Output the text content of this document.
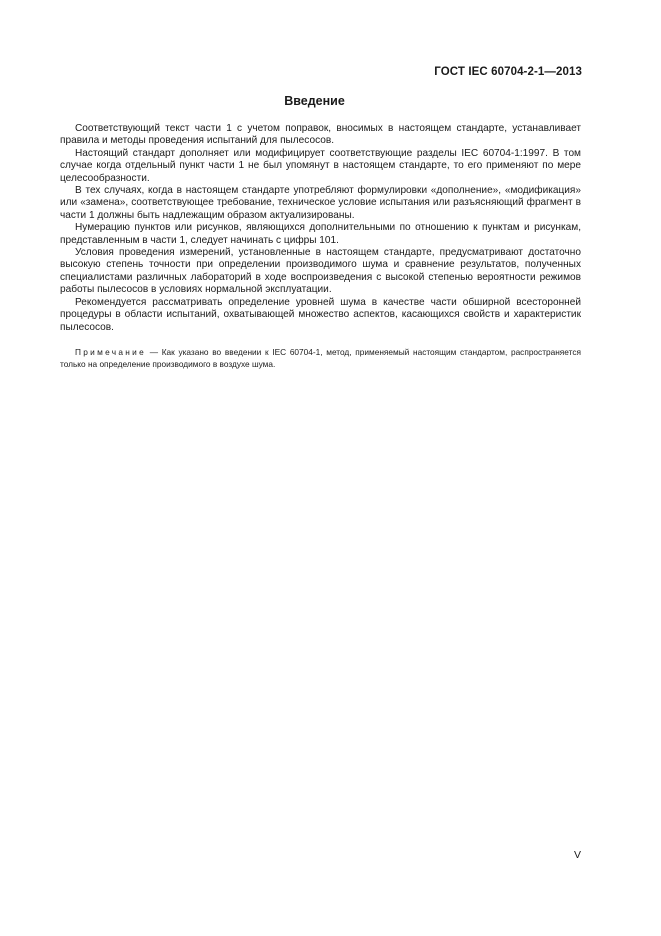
ГОСТ IEC 60704-2-1—2013
Введение

Соответствующий текст части 1 с учетом поправок, вносимых в настоящем стандарте, устанавливает правила и методы проведения испытаний для пылесосов.

Настоящий стандарт дополняет или модифицирует соответствующие разделы IEC 60704-1:1997. В том случае когда отдельный пункт части 1 не был упомянут в настоящем стандарте, то его применяют по мере целесообразности.

В тех случаях, когда в настоящем стандарте употребляют формулировки «дополнение», «модификация» или «замена», соответствующее требование, техническое условие испытания или разъясняющий фрагмент в части 1 должны быть надлежащим образом актуализированы.

Нумерацию пунктов или рисунков, являющихся дополнительными по отношению к пунктам и рисункам, представленным в части 1, следует начинать с цифры 101.

Условия проведения измерений, установленные в настоящем стандарте, предусматривают достаточно высокую степень точности при определении производимого шума и сравнение результатов, полученных специалистами различных лабораторий в ходе воспроизведения с высокой степенью вероятности режимов работы пылесосов в условиях нормальной эксплуатации.

Рекомендуется рассматривать определение уровней шума в качестве части обширной всесторонней процедуры в области испытаний, охватывающей множество аспектов, касающихся свойств и характеристик пылесосов.

Примечание — Как указано во введении к IEC 60704-1, метод, применяемый настоящим стандартом, распространяется только на определение производимого в воздухе шума.

V
